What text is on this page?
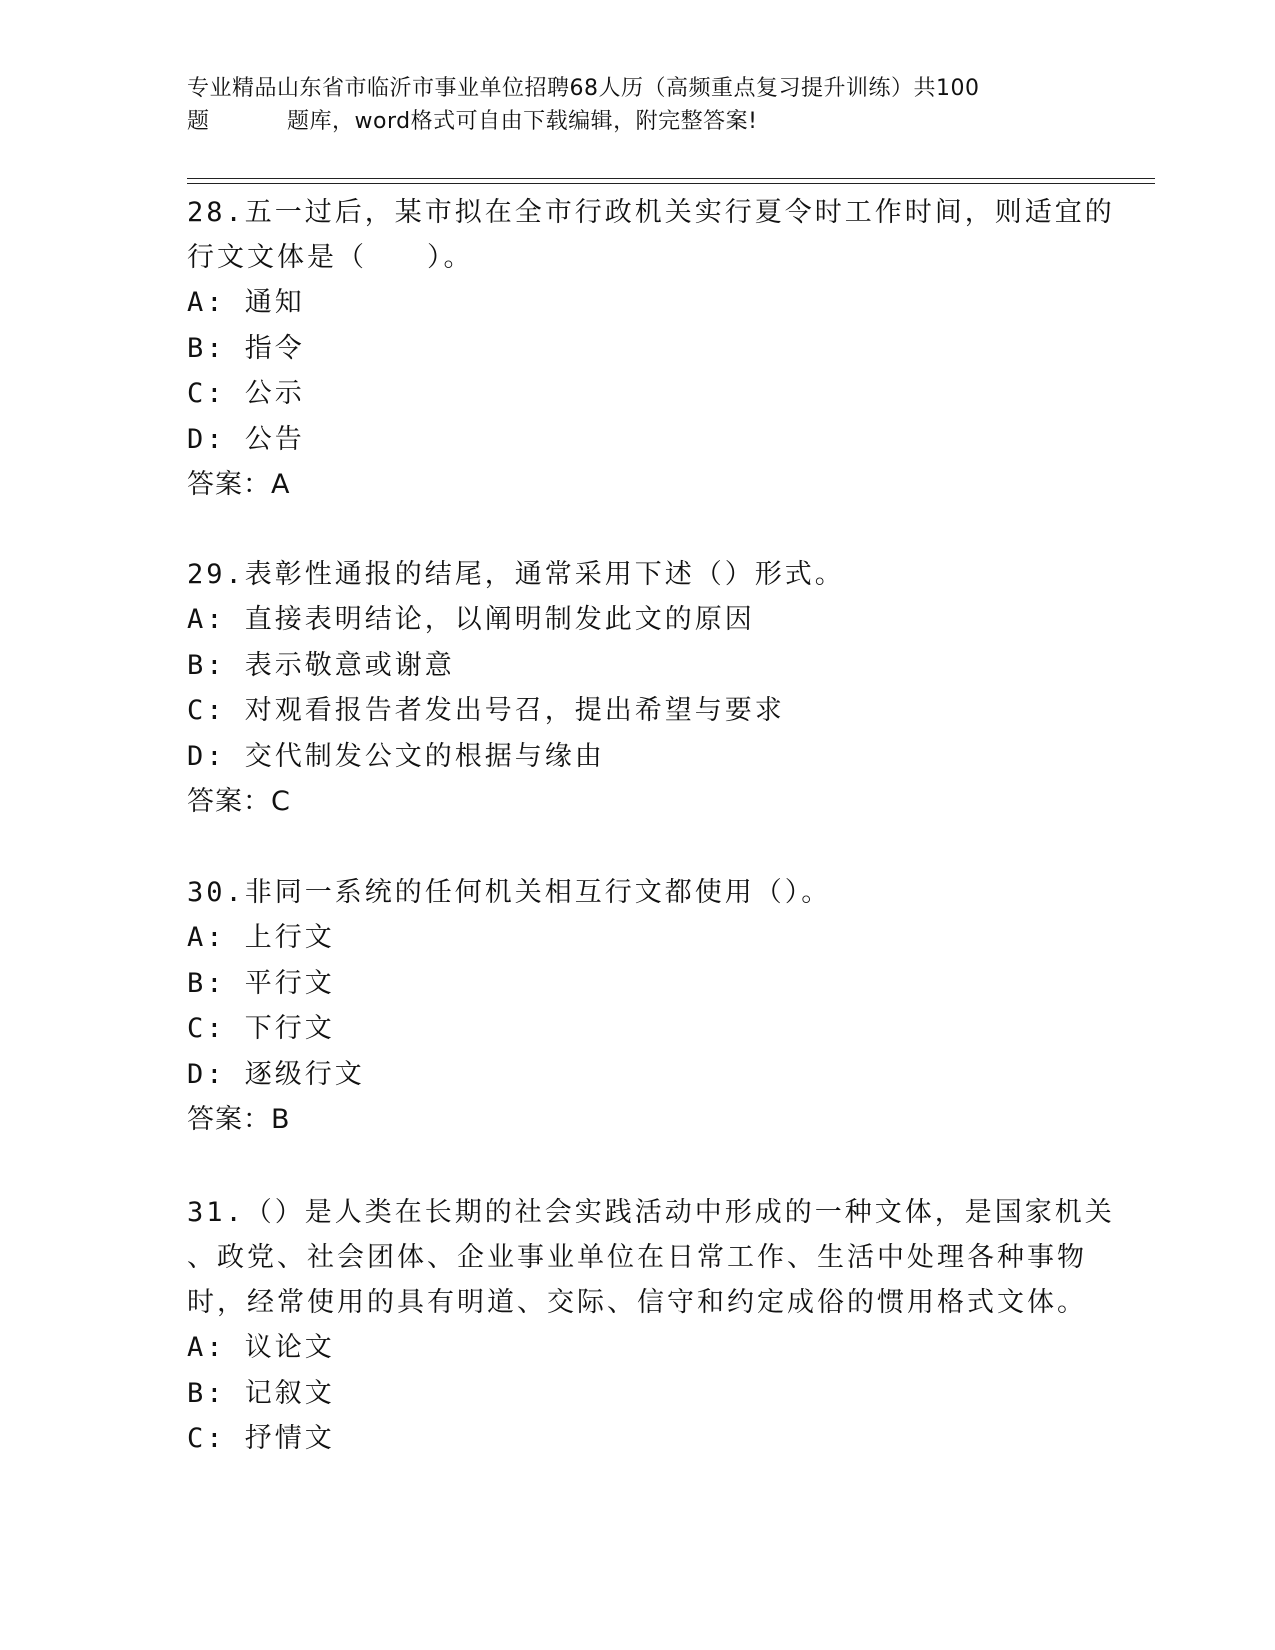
专业精品山东省市临沂市事业单位招聘68人历（高频重点复习提升训练）共100
题	题库，word格式可自由下载编辑，附完整答案!
28.五一过后，某市拟在全市行政机关实行夏令时工作时间，则适宜的
行文文体是（　　）。
A: 通知
B: 指令
C: 公示
D: 公告
答案：A
29.表彰性通报的结尾，通常采用下述（）形式。
A: 直接表明结论，以阐明制发此文的原因
B: 表示敬意或谢意
C: 对观看报告者发出号召，提出希望与要求
D: 交代制发公文的根据与缘由
答案：C
30.非同一系统的任何机关相互行文都使用（）。
A: 上行文
B: 平行文
C: 下行文
D: 逐级行文
答案：B
31.（）是人类在长期的社会实践活动中形成的一种文体，是国家机关
、政党、社会团体、企业事业单位在日常工作、生活中处理各种事物
时，经常使用的具有明道、交际、信守和约定成俗的惯用格式文体。
A: 议论文
B: 记叙文
C: 抒情文
